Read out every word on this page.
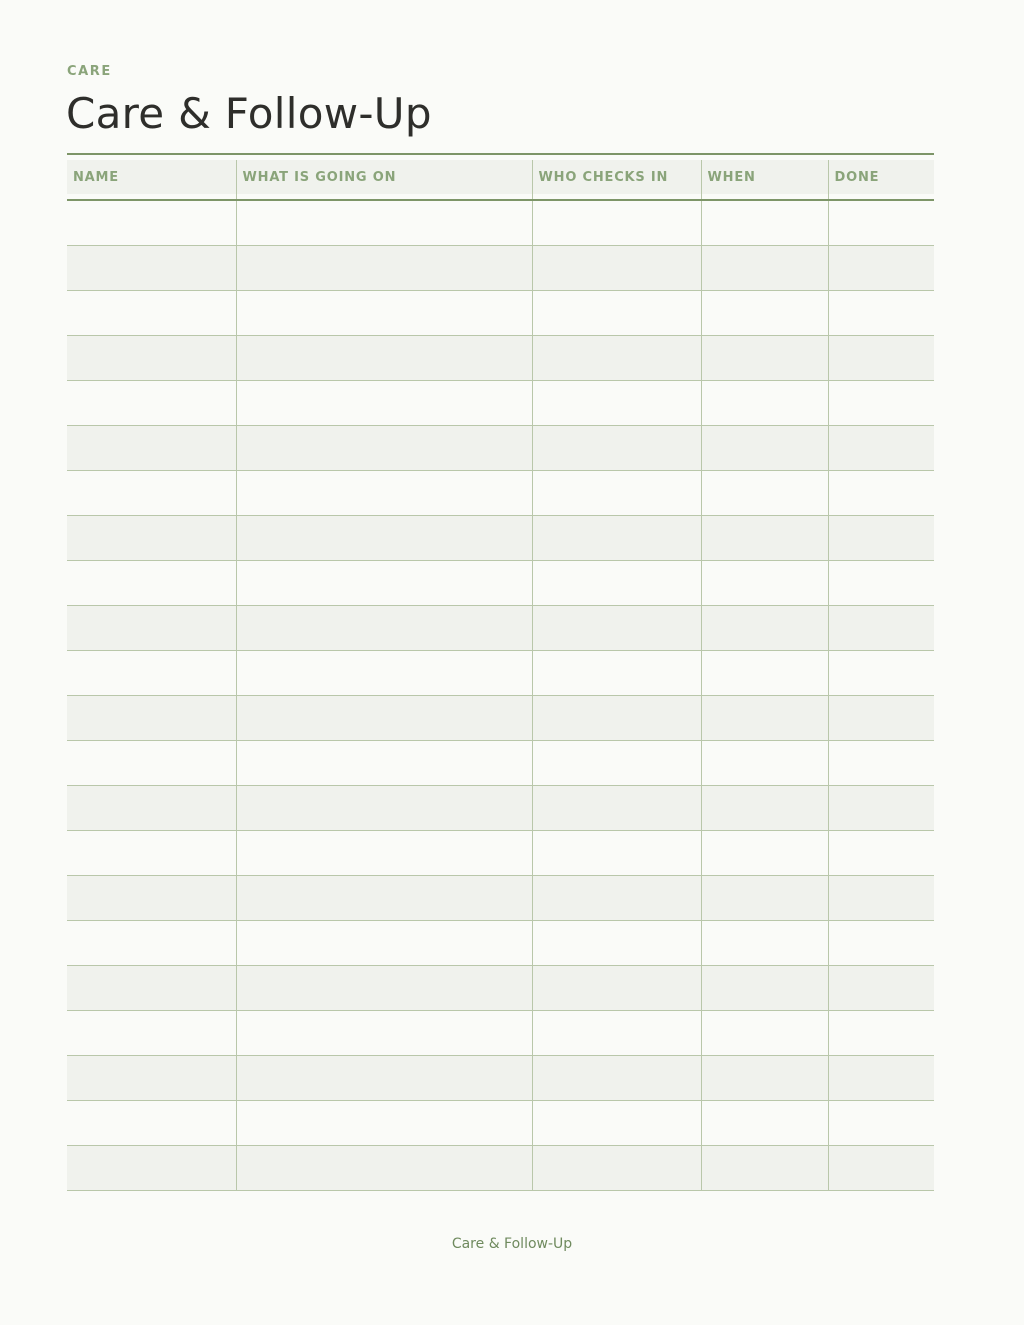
CARE
Care & Follow-Up
NAME	WHAT IS GOING ON	WHO CHECKS IN	WHEN	DONE

Care & Follow-Up
